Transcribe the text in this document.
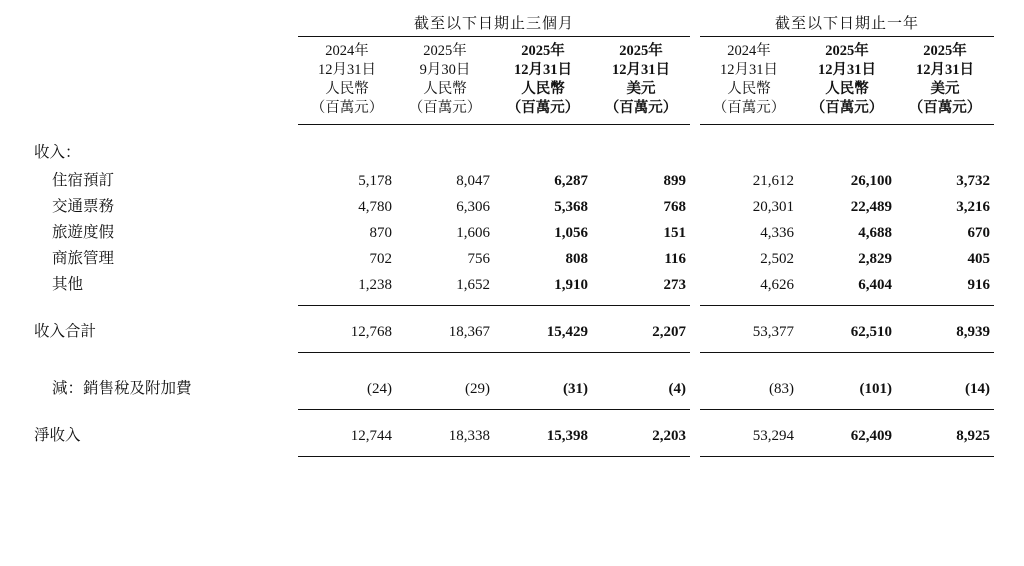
	截至以下日期止三個月					截至以下日期止一年		

	2024年
12月31日
人民幣
（百萬元）	2025年
9月30日
人民幣
（百萬元）	2025年
12月31日
人民幣
（百萬元）	2025年
12月31日
美元
（百萬元）		2024年
12月31日
人民幣
（百萬元）	2025年
12月31日
人民幣
（百萬元）	2025年
12月31日
美元
（百萬元）

收入：								
住宿預訂	5,178	8,047	6,287	899		21,612	26,100	3,732
交通票務	4,780	6,306	5,368	768		20,301	22,489	3,216
旅遊度假	870	1,606	1,056	151		4,336	4,688	670
商旅管理	702	756	808	116		2,502	2,829	405
其他	1,238	1,652	1,910	273		4,626	6,404	916

收入合計	12,768	18,367	15,429	2,207		53,377	62,510	8,939

減：銷售稅及附加費	(24)	(29)	(31)	(4)		(83)	(101)	(14)

淨收入	12,744	18,338	15,398	2,203		53,294	62,409	8,925
